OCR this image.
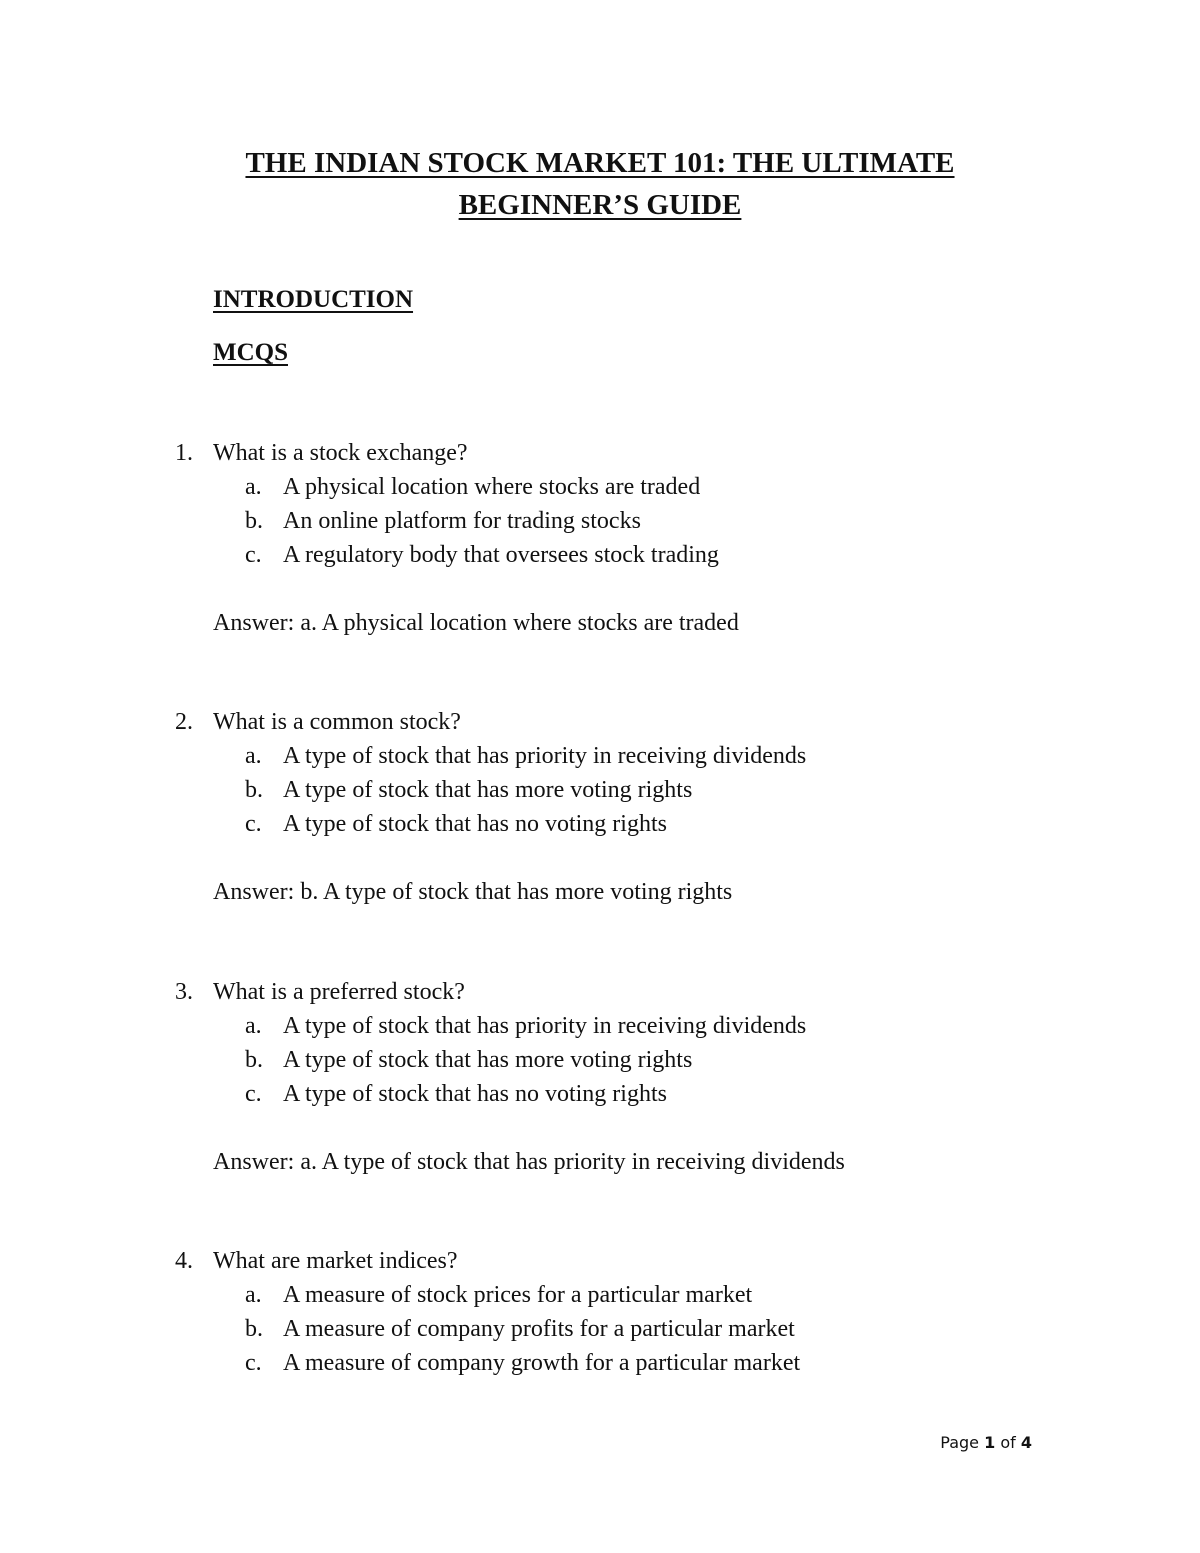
THE INDIAN STOCK MARKET 101: THE ULTIMATE
BEGINNER’S GUIDE
INTRODUCTION
MCQS
1. What is a stock exchange?
a. A physical location where stocks are traded
b. An online platform for trading stocks
c. A regulatory body that oversees stock trading
Answer: a. A physical location where stocks are traded
2. What is a common stock?
a. A type of stock that has priority in receiving dividends
b. A type of stock that has more voting rights
c. A type of stock that has no voting rights
Answer: b. A type of stock that has more voting rights
3. What is a preferred stock?
a. A type of stock that has priority in receiving dividends
b. A type of stock that has more voting rights
c. A type of stock that has no voting rights
Answer: a. A type of stock that has priority in receiving dividends
4. What are market indices?
a. A measure of stock prices for a particular market
b. A measure of company profits for a particular market
c. A measure of company growth for a particular market
Page 1 of 4
